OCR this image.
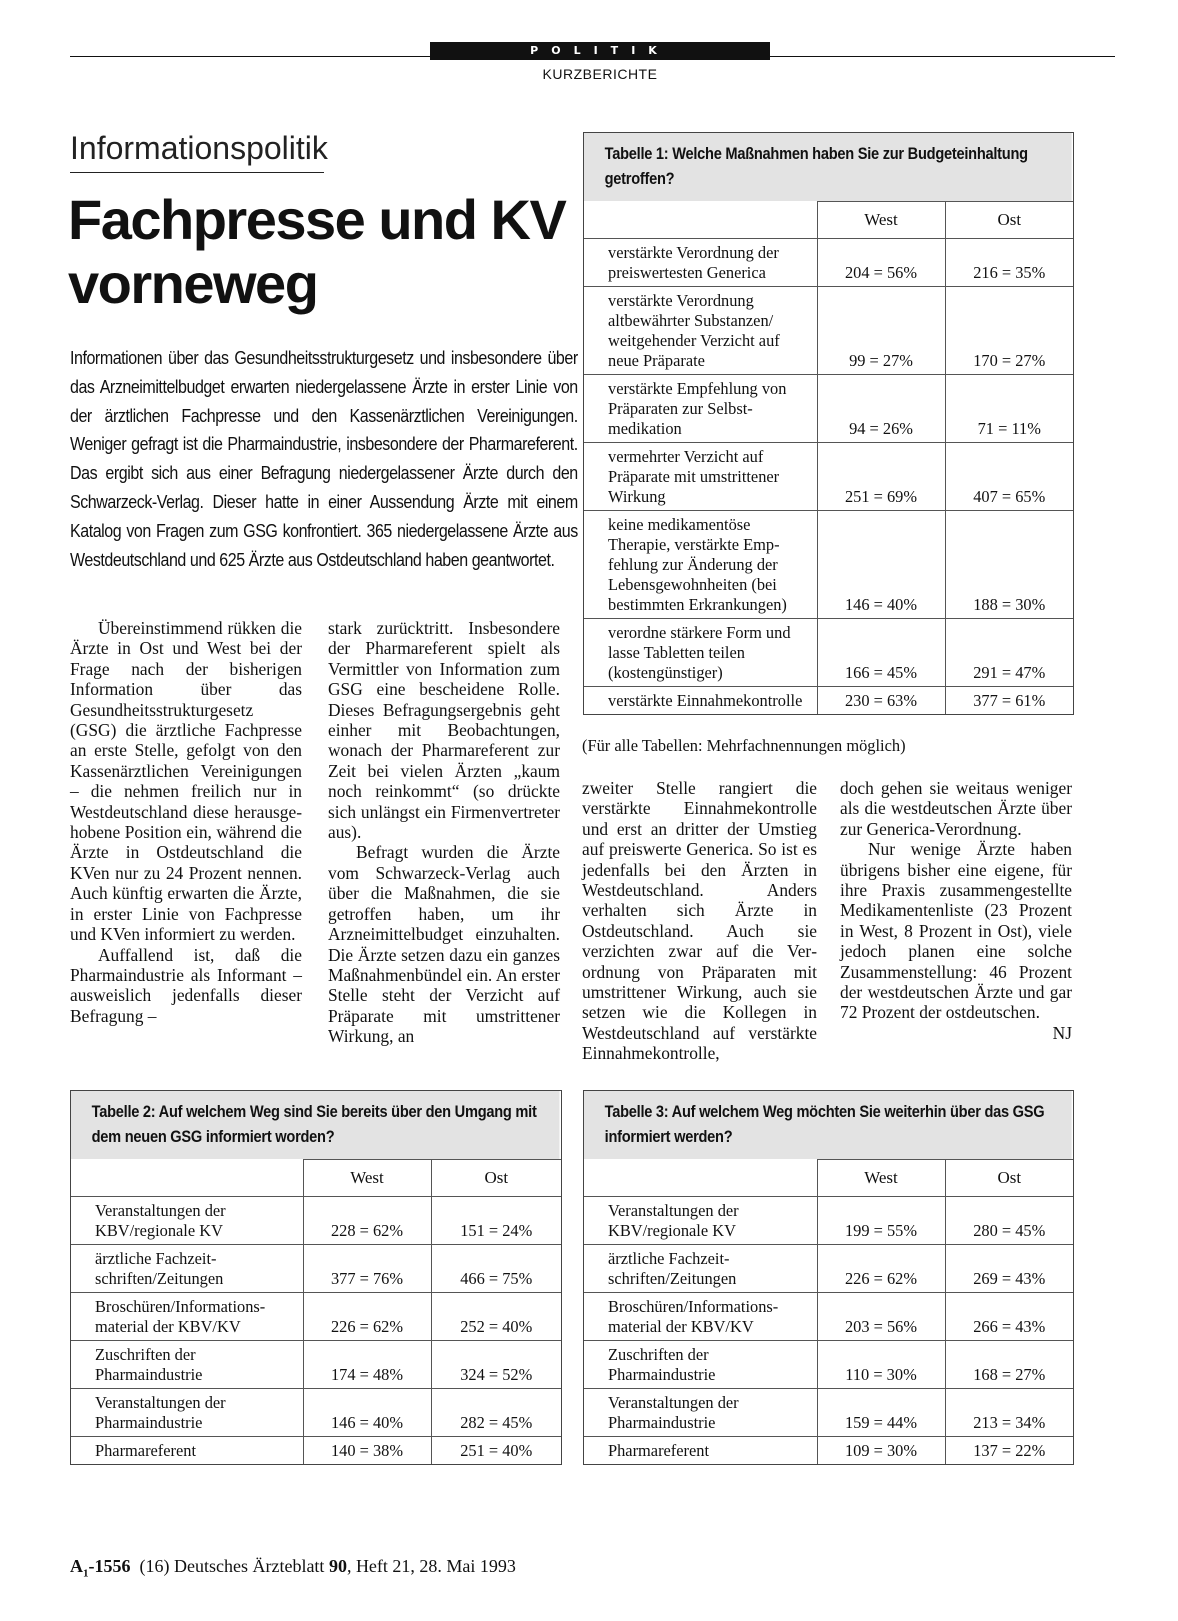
POLITIK
KURZBERICHTE
Informationspolitik
Fachpresse und KV vorneweg

Informationen über das Gesundheitsstrukturgesetz und insbesondere über das Arzneimittelbudget erwarten niedergelassene Ärzte in erster Linie von der ärztlichen Fachpresse und den Kassenärztlichen Vereinigungen. Weniger gefragt ist die Pharmaindustrie, insbesondere der Pharmareferent. Das ergibt sich aus einer Befragung niedergelassener Ärzte durch den Schwarzeck-Verlag. Dieser hatte in einer Aussendung Ärzte mit einem Katalog von Fragen zum GSG konfrontiert. 365 niedergelassene Ärzte aus Westdeutschland und 625 Ärzte aus Ostdeutschland haben geantwortet.

Übereinstimmend rükken die Ärzte in Ost und West bei der Frage nach der bisherigen Information über das Gesundheitsstrukturgesetz (GSG) die ärztliche Fachpresse an erste Stelle, gefolgt von den Kassenärztlichen Vereinigungen – die nehmen freilich nur in Westdeutschland diese herausgehobene Position ein, während die Ärzte in Ostdeutschland die KVen nur zu 24 Prozent nennen. Auch künftig erwarten die Ärzte, in erster Linie von Fachpresse und KVen informiert zu werden.

Auffallend ist, daß die Pharmaindustrie als Informant – ausweislich jedenfalls dieser Befragung –

stark zurücktritt. Insbesondere der Pharmareferent spielt als Vermittler von Information zum GSG eine bescheidene Rolle. Dieses Befragungsergebnis geht einher mit Beobachtungen, wonach der Pharmareferent zur Zeit bei vielen Ärzten „kaum noch reinkommt“ (so drückte sich unlängst ein Firmenvertreter aus).

Befragt wurden die Ärzte vom Schwarzeck-Verlag auch über die Maßnahmen, die sie getroffen haben, um ihr Arzneimittelbudget einzuhalten. Die Ärzte setzen dazu ein ganzes Maßnahmenbündel ein. An erster Stelle steht der Verzicht auf Präparate mit umstrittener Wirkung, an

zweiter Stelle rangiert die verstärkte Einnahmekontrolle und erst an dritter der Umstieg auf preiswerte Generica. So ist es jedenfalls bei den Ärzten in Westdeutschland. Anders verhalten sich Ärzte in Ostdeutschland. Auch sie verzichten zwar auf die Verordnung von Präparaten mit umstrittener Wirkung, auch sie setzen wie die Kollegen in Westdeutschland auf verstärkte Einnahmekontrolle,

doch gehen sie weitaus weniger als die westdeutschen Ärzte über zur Generica-Verordnung.

Nur wenige Ärzte haben übrigens bisher eine eigene, für ihre Praxis zusammengestellte Medikamentenliste (23 Prozent in West, 8 Prozent in Ost), viele jedoch planen eine solche Zusammenstellung: 46 Prozent der westdeutschen Ärzte und gar 72 Prozent der ostdeutschen.
NJ

Tabelle 1: Welche Maßnahmen haben Sie zur Budgeteinhaltung getroffen?
	West	Ost
verstärkte Verordnung der preiswertesten Generica	204 = 56%	216 = 35%
verstärkte Verordnung altbewährter Substanzen/ weitgehender Verzicht auf neue Präparate	99 = 27%	170 = 27%
verstärkte Empfehlung von Präparaten zur Selbstmedikation	94 = 26%	71 = 11%
vermehrter Verzicht auf Präparate mit umstrittener Wirkung	251 = 69%	407 = 65%
keine medikamentöse Therapie, verstärkte Empfehlung zur Änderung der Lebensgewohnheiten (bei bestimmten Erkrankungen)	146 = 40%	188 = 30%
verordne stärkere Form und lasse Tabletten teilen (kostengünstiger)	166 = 45%	291 = 47%
verstärkte Einnahmekontrolle	230 = 63%	377 = 61%
(Für alle Tabellen: Mehrfachnennungen möglich)
Tabelle 2: Auf welchem Weg sind Sie bereits über den Umgang mit dem neuen GSG informiert worden?
	West	Ost
Veranstaltungen der KBV/regionale KV	228 = 62%	151 = 24%
ärztliche Fachzeitschriften/Zeitungen	377 = 76%	466 = 75%
Broschüren/Informationsmaterial der KBV/KV	226 = 62%	252 = 40%
Zuschriften der Pharmaindustrie	174 = 48%	324 = 52%
Veranstaltungen der Pharmaindustrie	146 = 40%	282 = 45%
Pharmareferent	140 = 38%	251 = 40%
Tabelle 3: Auf welchem Weg möchten Sie weiterhin über das GSG informiert werden?
	West	Ost
Veranstaltungen der KBV/regionale KV	199 = 55%	280 = 45%
ärztliche Fachzeitschriften/Zeitungen	226 = 62%	269 = 43%
Broschüren/Informationsmaterial der KBV/KV	203 = 56%	266 = 43%
Zuschriften der Pharmaindustrie	110 = 30%	168 = 27%
Veranstaltungen der Pharmaindustrie	159 = 44%	213 = 34%
Pharmareferent	109 = 30%	137 = 22%
$A_1-1556$ (16) Deutsches Ärzteblatt 90, Heft 21, 28. Mai 1993
